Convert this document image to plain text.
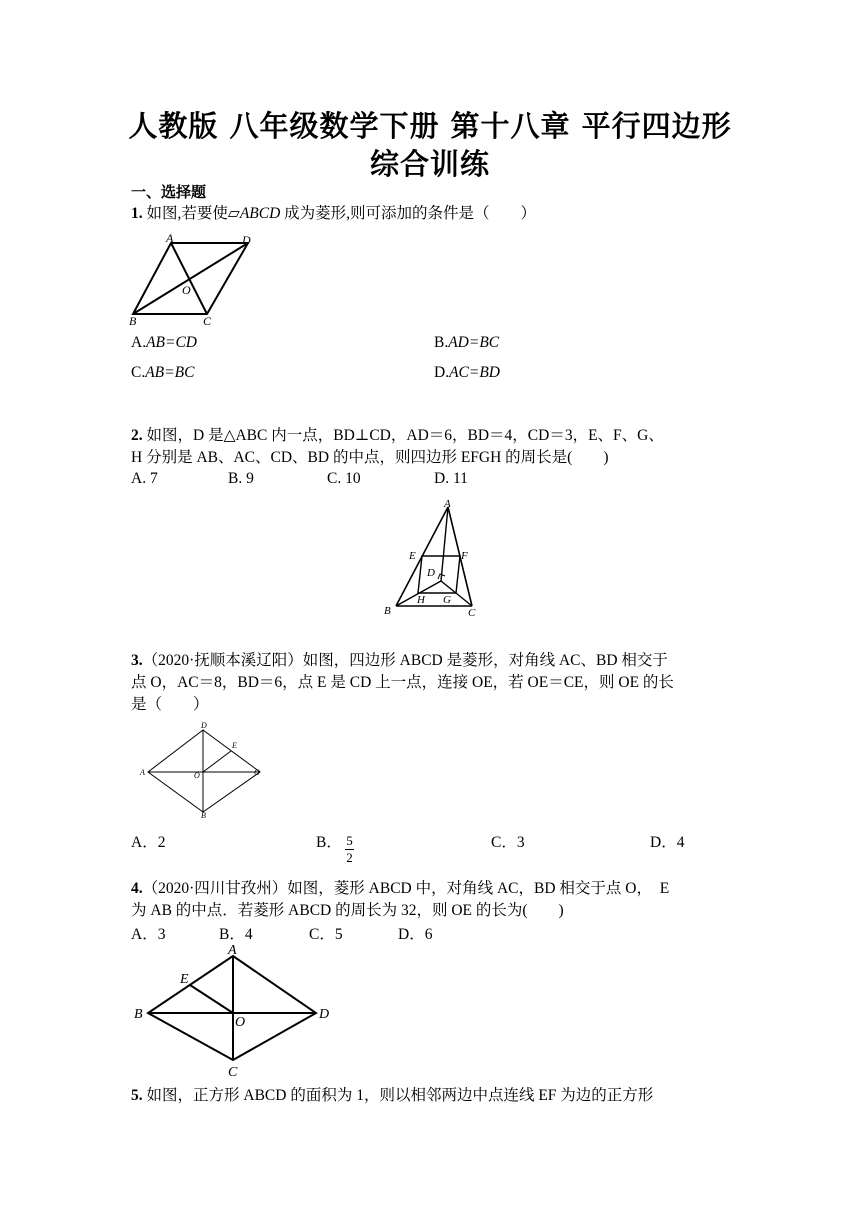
人教版 八年级数学下册 第十八章 平行四边形
综合训练
一、选择题
1. 如图,若要使▱ABCD 成为菱形,则可添加的条件是（　　）
A	D
O
B	C
A.AB=CD	B.AD=BC
C.AB=BC	D.AC=BD
2. 如图，D 是△ABC 内一点，BD⊥CD，AD＝6，BD＝4，CD＝3，E、F、G、
H 分别是 AB、AC、CD、BD 的中点，则四边形 EFGH 的周长是(　　)
A. 7	B. 9	C. 10	D. 11
A
E	F
D
H G
B	C
3.（2020·抚顺本溪辽阳）如图，四边形 ABCD 是菱形，对角线 AC、BD 相交于
点 O，AC＝8，BD＝6，点 E 是 CD 上一点，连接 OE，若 OE＝CE，则 OE 的长
是（　　）
D
E
A	O	C
B
A．2	B． $\frac{5}{2}$	C．3	D．4
4.（2020·四川甘孜州）如图，菱形 ABCD 中，对角线 AC，BD 相交于点 O，　E
为 AB 的中点．若菱形 ABCD 的周长为 32，则 OE 的长为(　　)
A．3	B．4	C．5	D．6
A
E
B
O
D
C
5. 如图，正方形 ABCD 的面积为 1，则以相邻两边中点连线 EF 为边的正方形
